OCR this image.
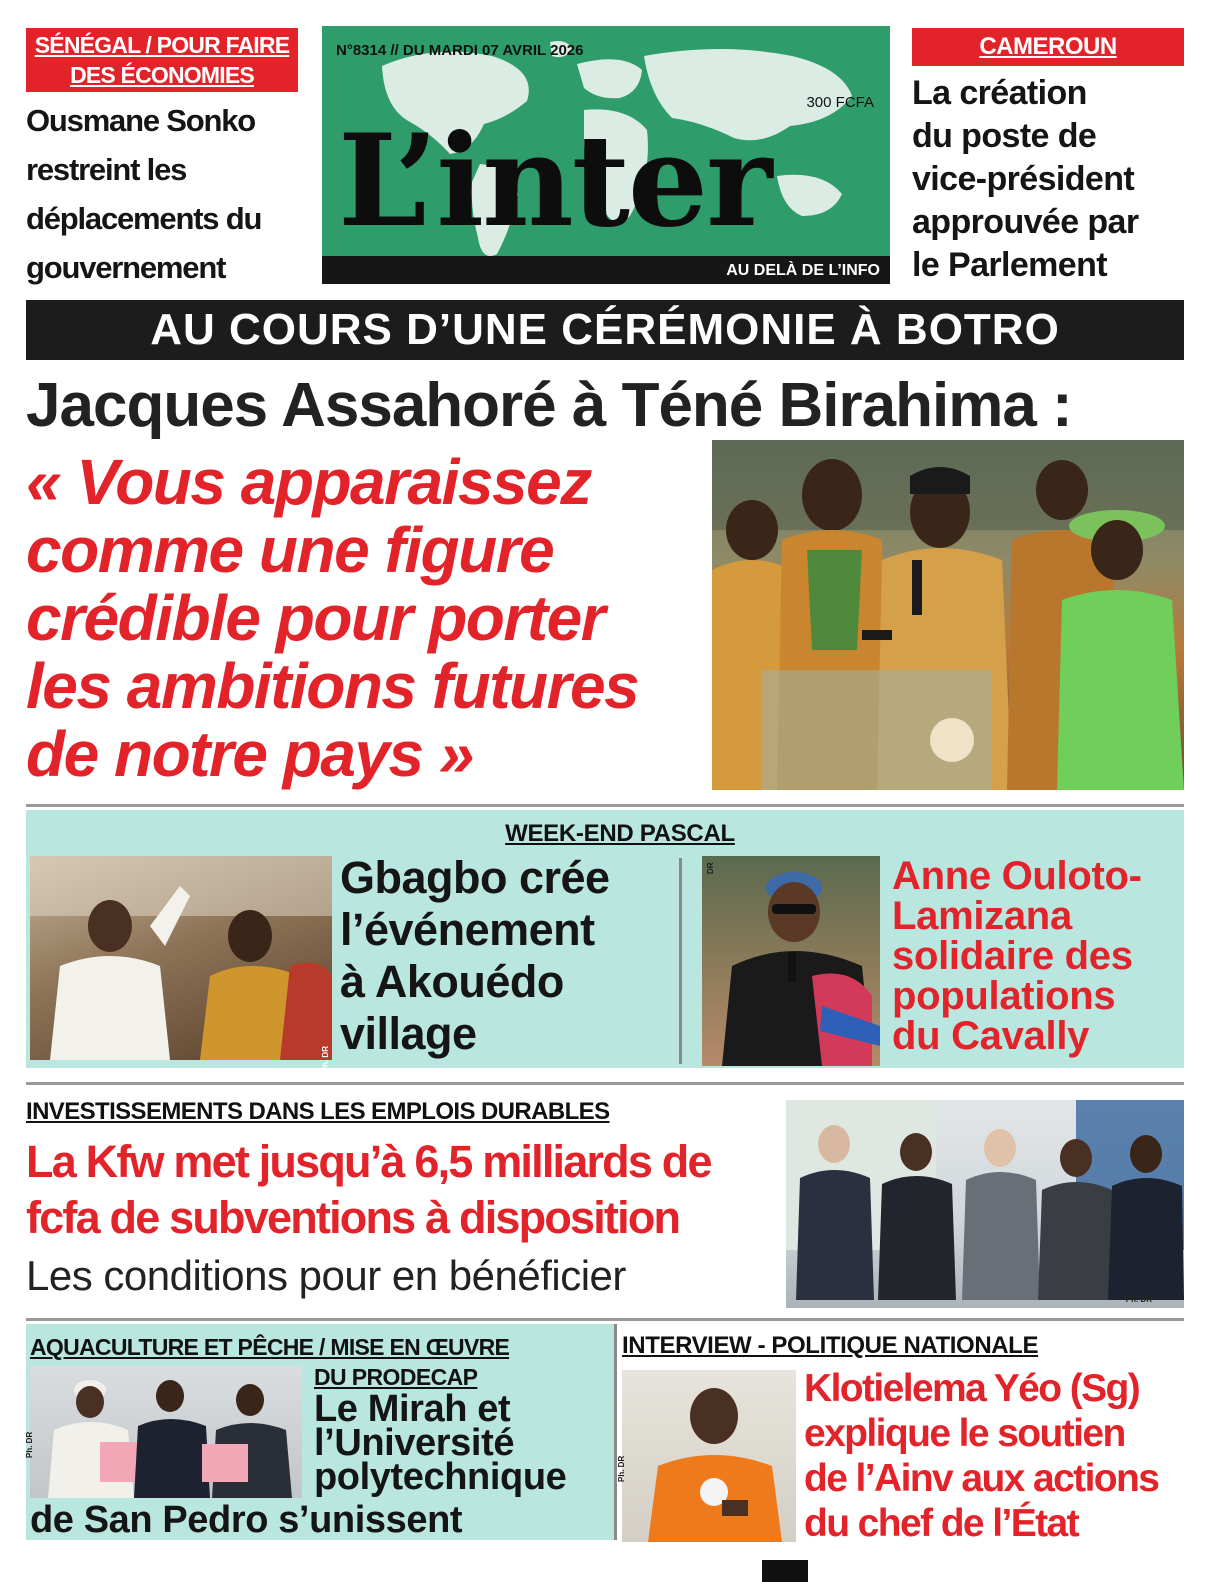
SÉNÉGAL / POUR FAIRE
DES ÉCONOMIES
Ousmane Sonko
restreint les
déplacements du
gouvernement
N°8314 // DU MARDI 07 AVRIL 2026
300 FCFA
L’inter
AU DELÀ DE L’INFO
CAMEROUN
La création
du poste de
vice-président
approuvée par
le Parlement
AU COURS D’UNE CÉRÉMONIE À BOTRO
Jacques Assahoré à Téné Birahima :
« Vous apparaissez
comme une figure
crédible pour porter
les ambitions futures
de notre pays »
WEEK-END PASCAL
Ph. DR
Gbagbo crée
l’événement
à Akouédo
village
DR	Anne Ouloto-
Lamizana
solidaire des
populations
du Cavally
INVESTISSEMENTS DANS LES EMPLOIS DURABLES
La Kfw met jusqu’à 6,5 milliards de
fcfa de subventions à disposition
Les conditions pour en bénéficier
Ph. DR
AQUACULTURE ET PÊCHE / MISE EN ŒUVRE
DU PRODECAP
Ph. DR
Le Mirah et
l’Université
polytechnique
de San Pedro s’unissent
INTERVIEW - POLITIQUE NATIONALE
Ph. DR
Klotielema Yéo (Sg)
explique le soutien
de l’Ainv aux actions
du chef de l’État
